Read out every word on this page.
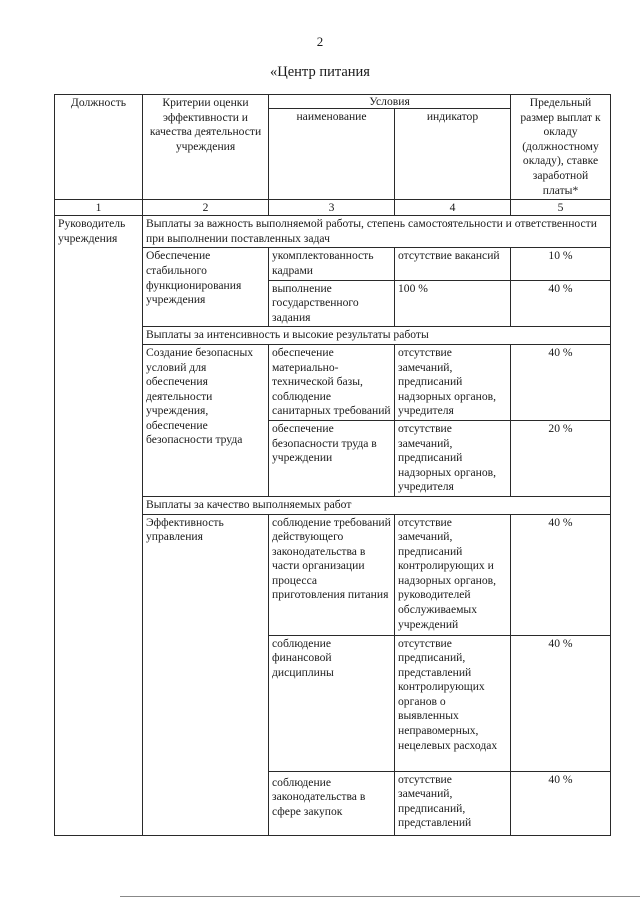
2
«Центр питания
Должность	Критерии оценки эффективности и качества деятельности учреждения	Условия		Предельный размер выплат к окладу (должностному окладу), ставке заработной платы*
		наименование	индикатор	
1	2	3	4	5
Руководитель учреждения	Выплаты за важность выполняемой работы, степень самостоятельности и ответственности при выполнении поставленных задач			
	Обеспечение стабильного функционирования учреждения	укомплектованность кадрами	отсутствие вакансий	10 %
		выполнение государственного задания	100 %	40 %
	Выплаты за интенсивность и высокие результаты работы			
	Создание безопасных условий для обеспечения деятельности учреждения, обеспечение безопасности труда	обеспечение материально-технической базы, соблюдение санитарных требований	отсутствие замечаний, предписаний надзорных органов, учредителя	40 %
		обеспечение безопасности труда в учреждении	отсутствие замечаний, предписаний надзорных органов, учредителя	20 %
	Выплаты за качество выполняемых работ			
	Эффективность управления	соблюдение требований действующего законодательства в части организации процесса приготовления питания	отсутствие замечаний, предписаний контролирующих и надзорных органов, руководителей обслуживаемых учреждений	40 %
		соблюдение финансовой дисциплины	отсутствие предписаний, представлений контролирующих органов о выявленных неправомерных, нецелевых расходах	40 %
		соблюдение законодательства в сфере закупок	отсутствие замечаний, предписаний, представлений	40 %
